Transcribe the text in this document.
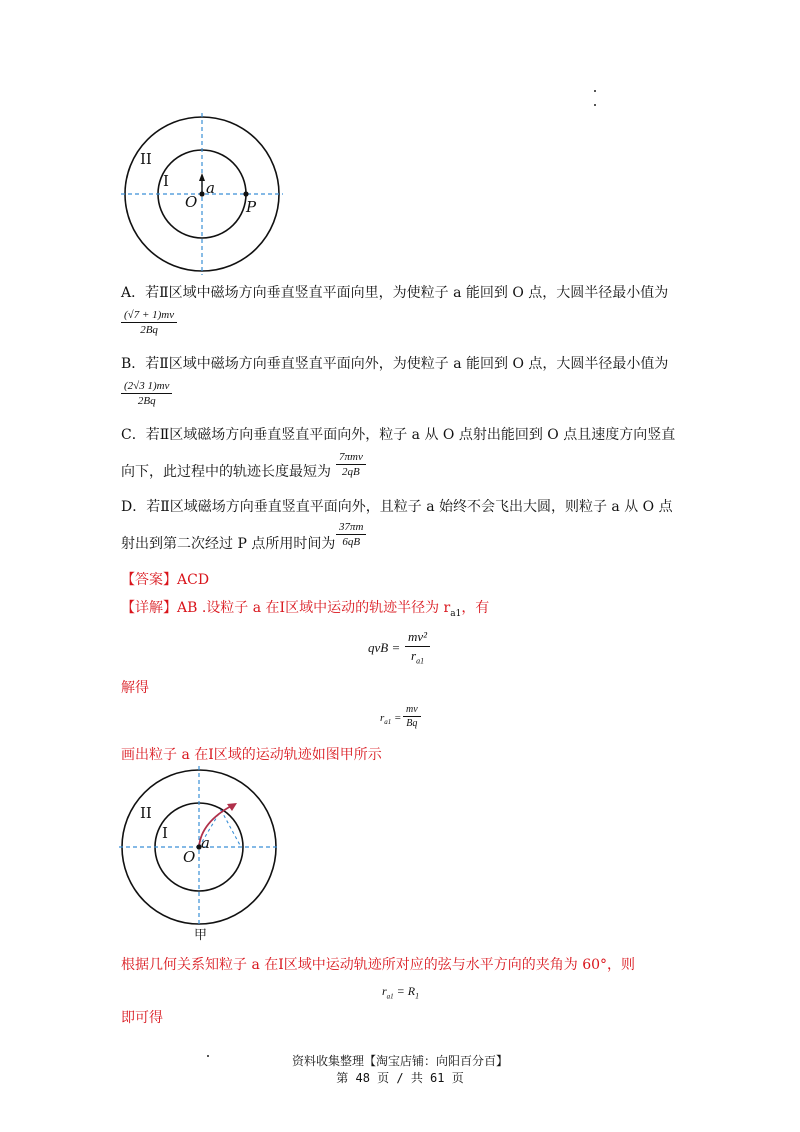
II
I a
O	P
A．若Ⅱ区域中磁场方向垂直竖直平面向里，为使粒子 a 能回到 O 点，大圆半径最小值为
$\frac{(√7 + 1)mv}{2Bq}$
B．若Ⅱ区域中磁场方向垂直竖直平面向外，为使粒子 a 能回到 O 点，大圆半径最小值为
$\frac{(2√3 1)mv}{2Bq}$
C．若Ⅱ区域磁场方向垂直竖直平面向外，粒子 a 从 O 点射出能回到 O 点且速度方向竖直
向下，此过程中的轨迹长度最短为
7πmv
2qB
D．若Ⅱ区域磁场方向垂直竖直平面向外，且粒子 a 始终不会飞出大圆，则粒子 a 从 O 点
射出到第二次经过 P 点所用时间为 $\frac{37\pi m}{6qB}$
【答案】ACD
【详解】AB .设粒子 a 在Ⅰ区域中运动的轨迹半径为 $r_{a1}$，有
qvB = $\frac{\text{mv²}}{r_{a1}}$
解得
$r_{a1} = \frac{mv}{Bq}$
画出粒子 a 在Ⅰ区域的运动轨迹如图甲所示
II
I
a
O
甲
根据几何关系知粒子 a 在Ⅰ区域中运动轨迹所对应的弦与水平方向的夹角为 60°，则
$r_{a1} = R_1$
即可得
资料收集整理【淘宝店铺：向阳百分百】
第 48 页 / 共 61 页
